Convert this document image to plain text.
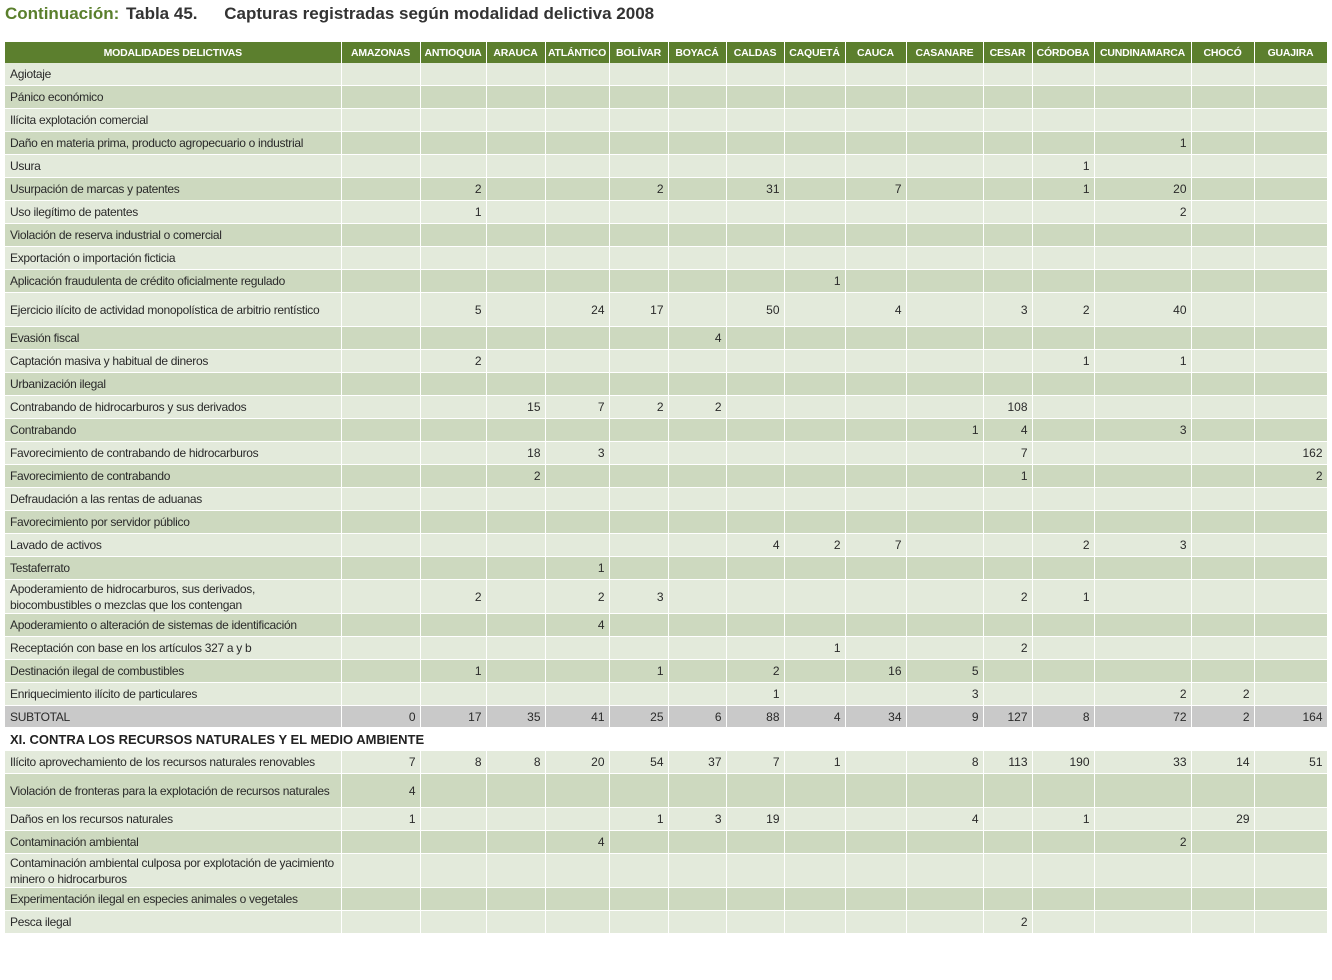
Continuación: Tabla 45. Capturas registradas según modalidad delictiva 2008
MODALIDADES DELICTIVAS	AMAZONAS	ANTIOQUIA	ARAUCA	ATLÁNTICO	BOLÍVAR	BOYACÁ	CALDAS	CAQUETÁ	CAUCA	CASANARE	CESAR	CÓRDOBA	CUNDINAMARCA	CHOCÓ	GUAJIRA
Agiotaje															
Pánico económico															
Ilícita explotación comercial															
Daño en materia prima, producto agropecuario o industrial													1		
Usura												1			
Usurpación de marcas y patentes		2			2		31		7			1	20		
Uso ilegítimo de patentes		1											2		
Violación de reserva industrial o comercial															
Exportación o importación ficticia															
Aplicación fraudulenta de crédito oficialmente regulado								1							
Ejercicio ilícito de actividad monopolística de arbitrio rentístico		5		24	17		50		4		3	2	40		
Evasión fiscal						4									
Captación masiva y habitual de dineros		2										1	1		
Urbanización ilegal															
Contrabando de hidrocarburos y sus derivados			15	7	2	2					108				
Contrabando										1	4		3		
Favorecimiento de contrabando de hidrocarburos			18	3							7				162
Favorecimiento de contrabando			2								1				2
Defraudación a las rentas de aduanas															
Favorecimiento por servidor público															
Lavado de activos							4	2	7			2	3		
Testaferrato				1											
Apoderamiento de hidrocarburos, sus derivados, biocombustibles o mezclas que los contengan		2		2	3						2	1			
Apoderamiento o alteración de sistemas de identificación				4											
Receptación con base en los artículos 327 a y b								1			2				
Destinación ilegal de combustibles		1			1		2		16	5					
Enriquecimiento ilícito de particulares							1			3			2	2	
SUBTOTAL	0	17	35	41	25	6	88	4	34	9	127	8	72	2	164
XI. CONTRA LOS RECURSOS NATURALES Y EL MEDIO AMBIENTE															
Ilícito aprovechamiento de los recursos naturales renovables	7	8	8	20	54	37	7	1		8	113	190	33	14	51
Violación de fronteras para la explotación de recursos naturales	4														
Daños en los recursos naturales	1				1	3	19			4		1		29	
Contaminación ambiental				4									2		
Contaminación ambiental culposa por explotación de yacimiento minero o hidrocarburos															
Experimentación ilegal en especies animales o vegetales															
Pesca ilegal											2				
